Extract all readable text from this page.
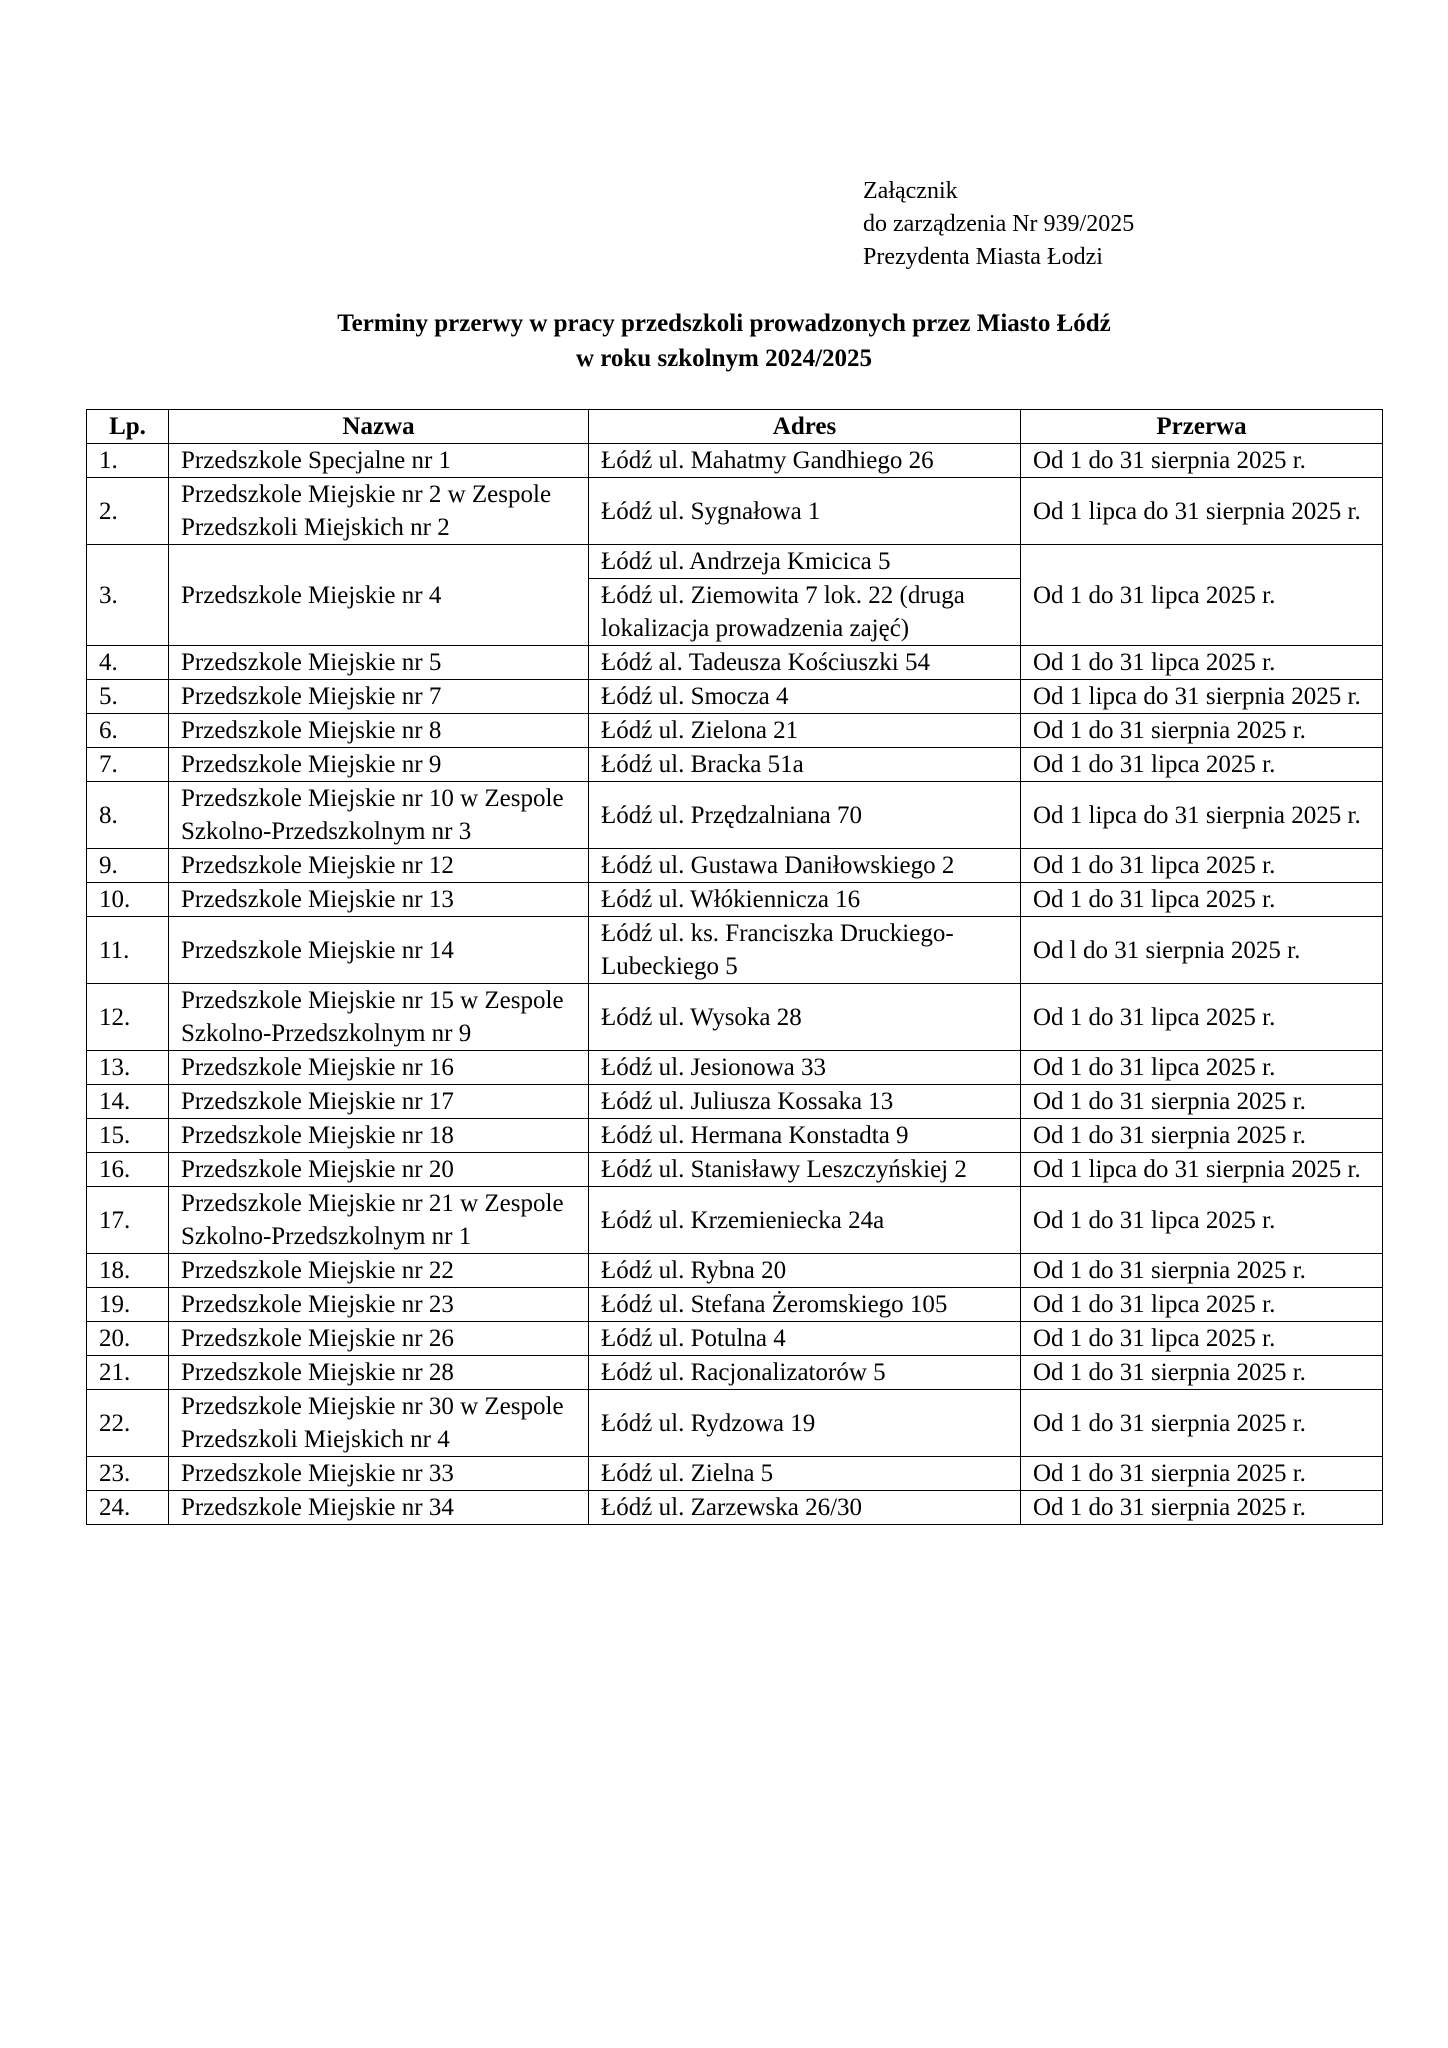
Załącznik
do zarządzenia Nr 939/2025
Prezydenta Miasta Łodzi
Terminy przerwy w pracy przedszkoli prowadzonych przez Miasto Łódź
w roku szkolnym 2024/2025
Lp.	Nazwa	Adres	Przerwa
1.	Przedszkole Specjalne nr 1	Łódź ul. Mahatmy Gandhiego 26	Od 1 do 31 sierpnia 2025 r.
2.	Przedszkole Miejskie nr 2 w Zespole Przedszkoli Miejskich nr 2	Łódź ul. Sygnałowa 1	Od 1 lipca do 31 sierpnia 2025 r.
3.	Przedszkole Miejskie nr 4	Łódź ul. Andrzeja Kmicica 5	Od 1 do 31 lipca 2025 r.
		Łódź ul. Ziemowita 7 lok. 22 (druga lokalizacja prowadzenia zajęć)	
4.	Przedszkole Miejskie nr 5	Łódź al. Tadeusza Kościuszki 54	Od 1 do 31 lipca 2025 r.
5.	Przedszkole Miejskie nr 7	Łódź ul. Smocza 4	Od 1 lipca do 31 sierpnia 2025 r.
6.	Przedszkole Miejskie nr 8	Łódź ul. Zielona 21	Od 1 do 31 sierpnia 2025 r.
7.	Przedszkole Miejskie nr 9	Łódź ul. Bracka 51a	Od 1 do 31 lipca 2025 r.
8.	Przedszkole Miejskie nr 10 w Zespole Szkolno-Przedszkolnym nr 3	Łódź ul. Przędzalniana 70	Od 1 lipca do 31 sierpnia 2025 r.
9.	Przedszkole Miejskie nr 12	Łódź ul. Gustawa Daniłowskiego 2	Od 1 do 31 lipca 2025 r.
10.	Przedszkole Miejskie nr 13	Łódź ul. Włókiennicza 16	Od 1 do 31 lipca 2025 r.
11.	Przedszkole Miejskie nr 14	Łódź ul. ks. Franciszka Druckiego-Lubeckiego 5	Od l do 31 sierpnia 2025 r.
12.	Przedszkole Miejskie nr 15 w Zespole Szkolno-Przedszkolnym nr 9	Łódź ul. Wysoka 28	Od 1 do 31 lipca 2025 r.
13.	Przedszkole Miejskie nr 16	Łódź ul. Jesionowa 33	Od 1 do 31 lipca 2025 r.
14.	Przedszkole Miejskie nr 17	Łódź ul. Juliusza Kossaka 13	Od 1 do 31 sierpnia 2025 r.
15.	Przedszkole Miejskie nr 18	Łódź ul. Hermana Konstadta 9	Od 1 do 31 sierpnia 2025 r.
16.	Przedszkole Miejskie nr 20	Łódź ul. Stanisławy Leszczyńskiej 2	Od 1 lipca do 31 sierpnia 2025 r.
17.	Przedszkole Miejskie nr 21 w Zespole Szkolno-Przedszkolnym nr 1	Łódź ul. Krzemieniecka 24a	Od 1 do 31 lipca 2025 r.
18.	Przedszkole Miejskie nr 22	Łódź ul. Rybna 20	Od 1 do 31 sierpnia 2025 r.
19.	Przedszkole Miejskie nr 23	Łódź ul. Stefana Żeromskiego 105	Od 1 do 31 lipca 2025 r.
20.	Przedszkole Miejskie nr 26	Łódź ul. Potulna 4	Od 1 do 31 lipca 2025 r.
21.	Przedszkole Miejskie nr 28	Łódź ul. Racjonalizatorów 5	Od 1 do 31 sierpnia 2025 r.
22.	Przedszkole Miejskie nr 30 w Zespole Przedszkoli Miejskich nr 4	Łódź ul. Rydzowa 19	Od 1 do 31 sierpnia 2025 r.
23.	Przedszkole Miejskie nr 33	Łódź ul. Zielna 5	Od 1 do 31 sierpnia 2025 r.
24.	Przedszkole Miejskie nr 34	Łódź ul. Zarzewska 26/30	Od 1 do 31 sierpnia 2025 r.
